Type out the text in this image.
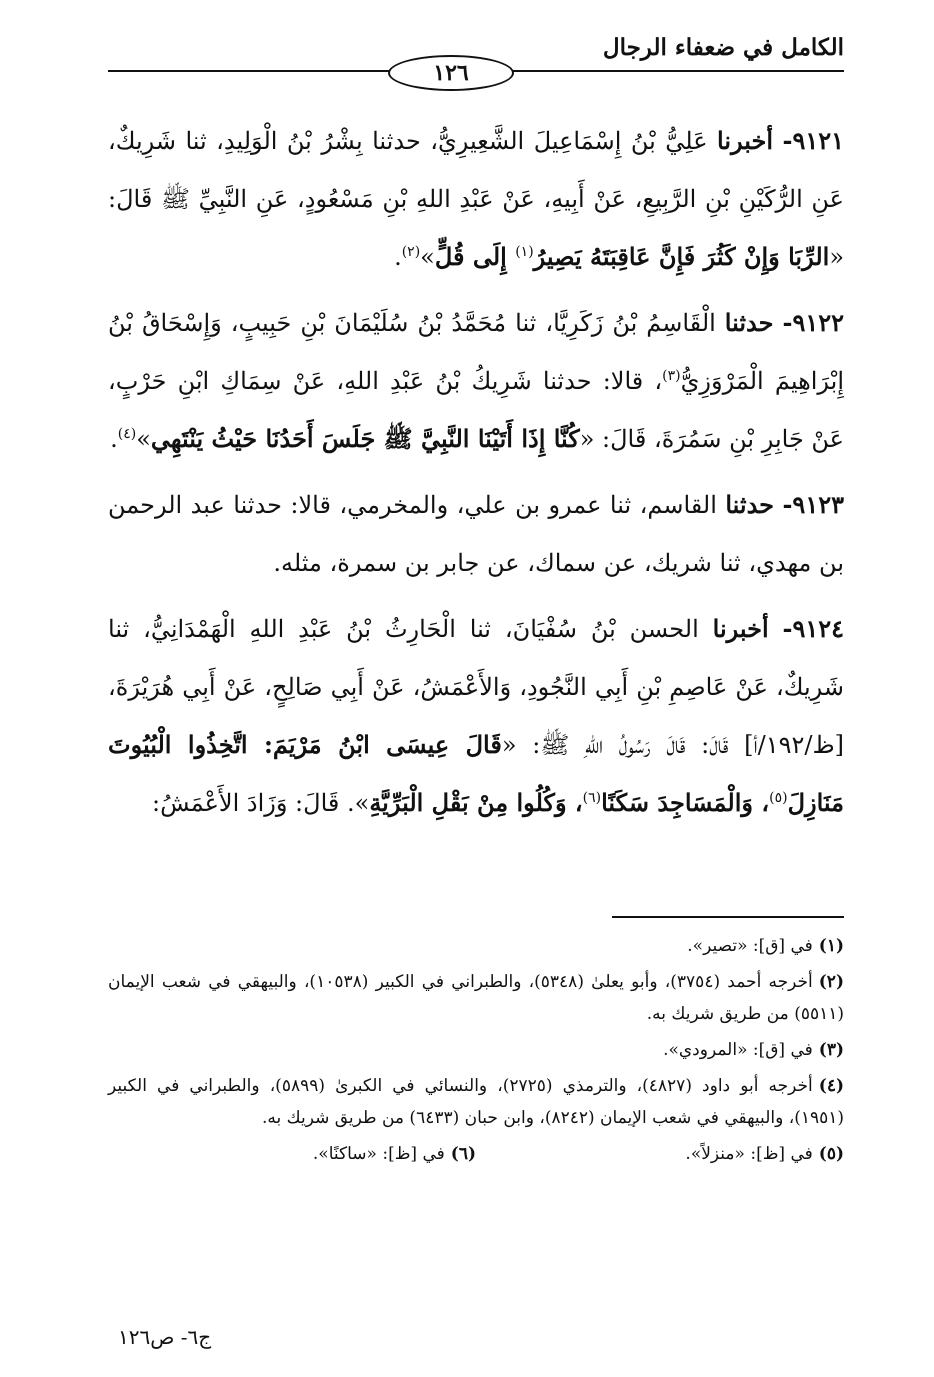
الكامل في ضعفاء الرجال
١٢٦

٩١٢١- أخبرنا عَلِيُّ بْنُ إِسْمَاعِيلَ الشَّعِيرِيُّ، حدثنا بِشْرُ بْنُ الْوَلِيدِ، ثنا شَرِيكٌ، عَنِ الرُّكَيْنِ بْنِ الرَّبِيعِ، عَنْ أَبِيهِ، عَنْ عَبْدِ اللهِ بْنِ مَسْعُودٍ، عَنِ النَّبِيِّ ﷺ قَالَ: «الرِّبَا وَإِنْ كَثُرَ فَإِنَّ عَاقِبَتَهُ يَصِيرُ$^{(١)}$ إِلَى قُلٍّ»$^{(٢)}$.

٩١٢٢- حدثنا الْقَاسِمُ بْنُ زَكَرِيَّا، ثنا مُحَمَّدُ بْنُ سُلَيْمَانَ بْنِ حَبِيبٍ، وَإِسْحَاقُ بْنُ إِبْرَاهِيمَ الْمَرْوَزِيُّ$^{(٣)}$، قالا: حدثنا شَرِيكُ بْنُ عَبْدِ اللهِ، عَنْ سِمَاكِ ابْنِ حَرْبٍ، عَنْ جَابِرِ بْنِ سَمُرَةَ، قَالَ: «كُنَّا إِذَا أَتَيْنَا النَّبِيَّ ﷺ جَلَسَ أَحَدُنَا حَيْثُ يَنْتَهِي»$^{(٤)}$.

٩١٢٣- حدثنا القاسم، ثنا عمرو بن علي، والمخرمي، قالا: حدثنا عبد الرحمن بن مهدي، ثنا شريك، عن سماك، عن جابر بن سمرة، مثله.

٩١٢٤- أخبرنا الحسن بْنُ سُفْيَانَ، ثنا الْحَارِثُ بْنُ عَبْدِ اللهِ الْهَمْدَانِيُّ، ثنا شَرِيكٌ، عَنْ عَاصِمِ بْنِ أَبِي النَّجُودِ، وَالأَعْمَشُ، عَنْ أَبِي صَالِحٍ، عَنْ أَبِي هُرَيْرَةَ، [ظ/١٩٢/أ] قَالَ: قَالَ رَسُولُ اللهِ ﷺ: «قَالَ عِيسَى ابْنُ مَرْيَمَ: اتَّخِذُوا الْبُيُوتَ مَنَازِلَ$^{(٥)}$، وَالْمَسَاجِدَ سَكَنًا$^{(٦)}$، وَكُلُوا مِنْ بَقْلِ الْبَرِّيَّةِ». قَالَ: وَزَادَ الأَعْمَشُ:

(١)في [ق]: «تصير».

(٢)أخرجه أحمد (٣٧٥٤)، وأبو يعلىٰ (٥٣٤٨)، والطبراني في الكبير (١٠٥٣٨)، والبيهقي في شعب الإيمان (٥٥١١) من طريق شريك به.

(٣)في [ق]: «المرودي».

(٤)أخرجه أبو داود (٤٨٢٧)، والترمذي (٢٧٢٥)، والنسائي في الكبرىٰ (٥٨٩٩)، والطبراني في الكبير (١٩٥١)، والبيهقي في شعب الإيمان (٨٢٤٢)، وابن حبان (٦٤٣٣) من طريق شريك به.

(٥)في [ظ]: «منزلاً».

(٦)في [ظ]: «ساكنًا».

ج٦- ص١٢٦
